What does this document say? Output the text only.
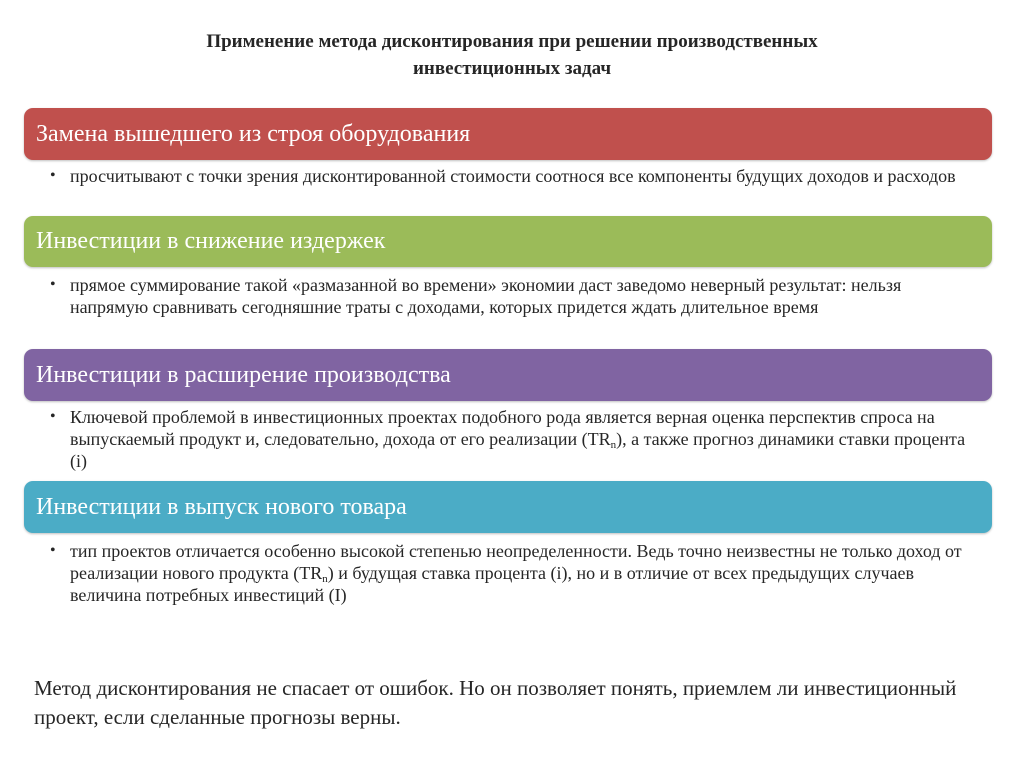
Применение метода дисконтирования при решении производственных
инвестиционных задач
Замена вышедшего из строя оборудования
• просчитывают с точки зрения дисконтированной стоимости соотнося все компоненты будущих доходов и расходов
Инвестиции в снижение издержек
• прямое суммирование такой «размазанной во времени» экономии даст заведомо неверный результат: нельзя напрямую сравнивать сегодняшние траты с доходами, которых придется ждать длительное время
Инвестиции в расширение производства
• Ключевой проблемой в инвестиционных проектах подобного рода является верная оценка перспектив спроса на выпускаемый продукт и, следовательно, дохода от его реализации $(TR_n)$, а также прогноз динамики ставки процента (i)
Инвестиции в выпуск нового товара
• тип проектов отличается особенно высокой степенью неопределенности. Ведь точно неизвестны не только доход от реализации нового продукта $(TR_n)$ и будущая ставка процента (i), но и в отличие от всех предыдущих случаев величина потребных инвестиций (I)
Метод дисконтирования не спасает от ошибок. Но он позволяет понять, приемлем ли инвестиционный проект, если сделанные прогнозы верны.
